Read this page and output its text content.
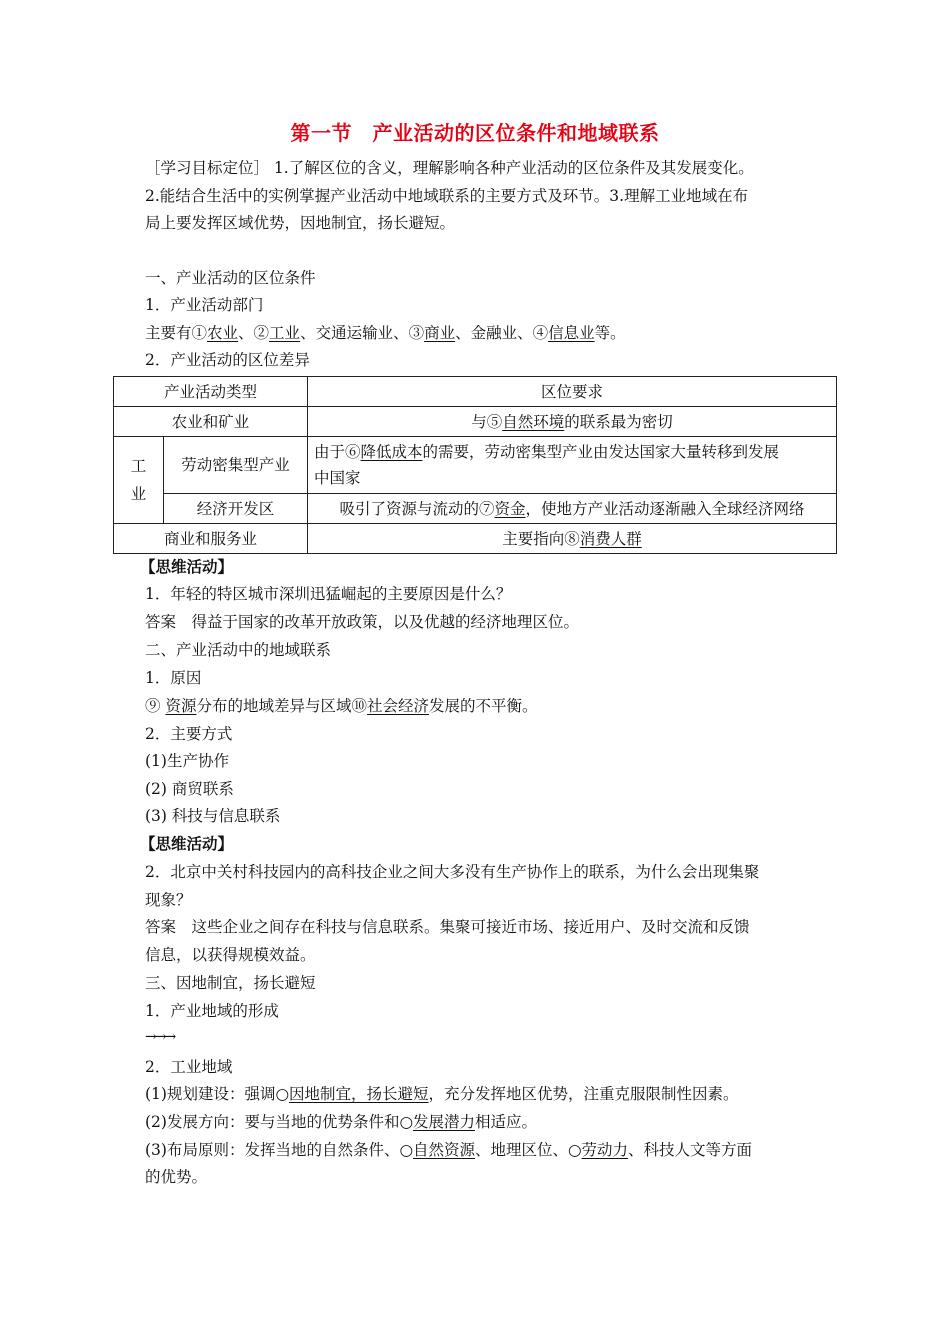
第一节　产业活动的区位条件和地域联系
［学习目标定位］ 1.了解区位的含义，理解影响各种产业活动的区位条件及其发展变化。
2.能结合生活中的实例掌握产业活动中地域联系的主要方式及环节。3.理解工业地域在布
局上要发挥区域优势，因地制宜，扬长避短。
一、产业活动的区位条件
1．产业活动部门
主要有①农业、②工业、交通运输业、③商业、金融业、④信息业等。
2．产业活动的区位差异
产业活动类型		区位要求
农业和矿业		与⑤自然环境的联系最为密切
工
业	劳动密集型产业	由于⑥降低成本的需要，劳动密集型产业由发达国家大量转移到发展
中国家
	经济开发区	吸引了资源与流动的⑦资金，使地方产业活动逐渐融入全球经济网络
商业和服务业		主要指向⑧消费人群
【思维活动】
1．年轻的特区城市深圳迅猛崛起的主要原因是什么？
答案　得益于国家的改革开放政策，以及优越的经济地理区位。
二、产业活动中的地域联系
1．原因
⑨ 资源分布的地域差异与区域⑩社会经济发展的不平衡。
2．主要方式
(1)生产协作
(2) 商贸联系
(3) 科技与信息联系
【思维活动】
2．北京中关村科技园内的高科技企业之间大多没有生产协作上的联系，为什么会出现集聚
现象？
答案　这些企业之间存在科技与信息联系。集聚可接近市场、接近用户、及时交流和反馈
信息，以获得规模效益。
三、因地制宜，扬长避短
1．产业地域的形成
→→→
2．工业地域
(1)规划建设：强调○因地制宜，扬长避短，充分发挥地区优势，注重克服限制性因素。
(2)发展方向：要与当地的优势条件和○发展潜力相适应。
(3)布局原则：发挥当地的自然条件、○自然资源、地理区位、○劳动力、科技人文等方面
的优势。
